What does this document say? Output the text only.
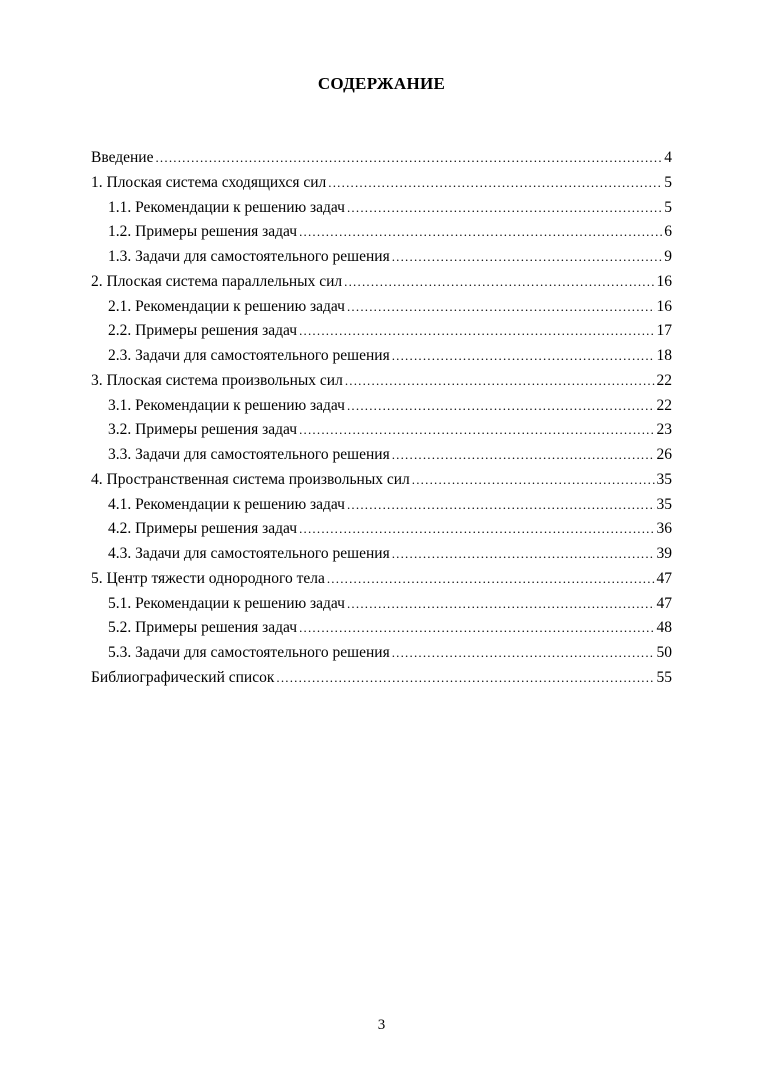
СОДЕРЖАНИЕ
Введение .....	4
1. Плоская система сходящихся сил .....	5
1.1. Рекомендации к решению задач .....	5
1.2. Примеры решения задач .....	6
1.3. Задачи для самостоятельного решения .....	9
2. Плоская система параллельных сил .....	16
2.1. Рекомендации к решению задач .....	16
2.2. Примеры решения задач .....	17
2.3. Задачи для самостоятельного решения .....	18
3. Плоская система произвольных сил .....	22
3.1. Рекомендации к решению задач .....	22
3.2. Примеры решения задач .....	23
3.3. Задачи для самостоятельного решения .....	26
4. Пространственная система произвольных сил .....	35
4.1. Рекомендации к решению задач .....	35
4.2. Примеры решения задач .....	36
4.3. Задачи для самостоятельного решения .....	39
5. Центр тяжести однородного тела .....	47
5.1. Рекомендации к решению задач .....	47
5.2. Примеры решения задач .....	48
5.3. Задачи для самостоятельного решения .....	50
Библиографический список .....	55
3
